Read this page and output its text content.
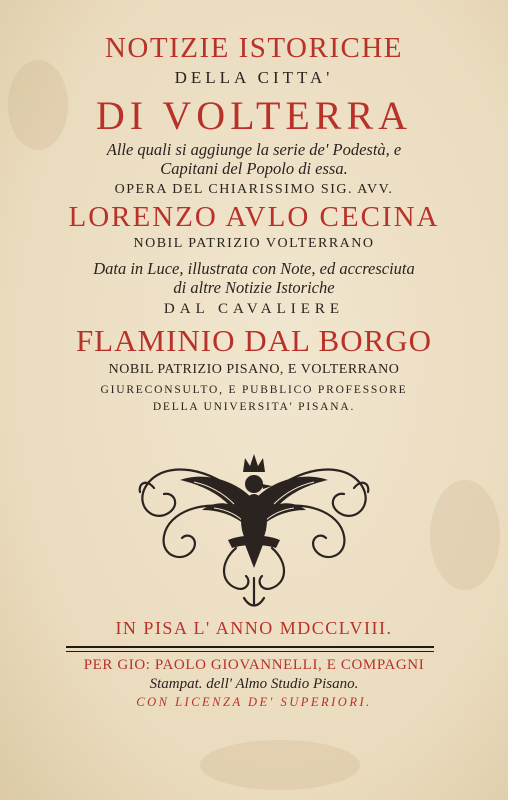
NOTIZIE ISTORICHE
DELLA CITTA'
DI VOLTERRA
Alle quali si aggiunge la serie de' Podestà, e
Capitani del Popolo di essa.
OPERA DEL CHIARISSIMO SIG. AVV.
LORENZO AVLO CECINA
NOBIL PATRIZIO VOLTERRANO
Data in Luce, illustrata con Note, ed accresciuta
di altre Notizie Istoriche
DAL CAVALIERE
FLAMINIO DAL BORGO
NOBIL PATRIZIO PISANO, E VOLTERRANO
GIURECONSULTO, E PUBBLICO PROFESSORE
DELLA UNIVERSITA' PISANA.
IN PISA L' ANNO MDCCLVIII.
PER GIO: PAOLO GIOVANNELLI, E COMPAGNI
Stampat. dell' Almo Studio Pisano.
CON LICENZA DE' SUPERIORI.
